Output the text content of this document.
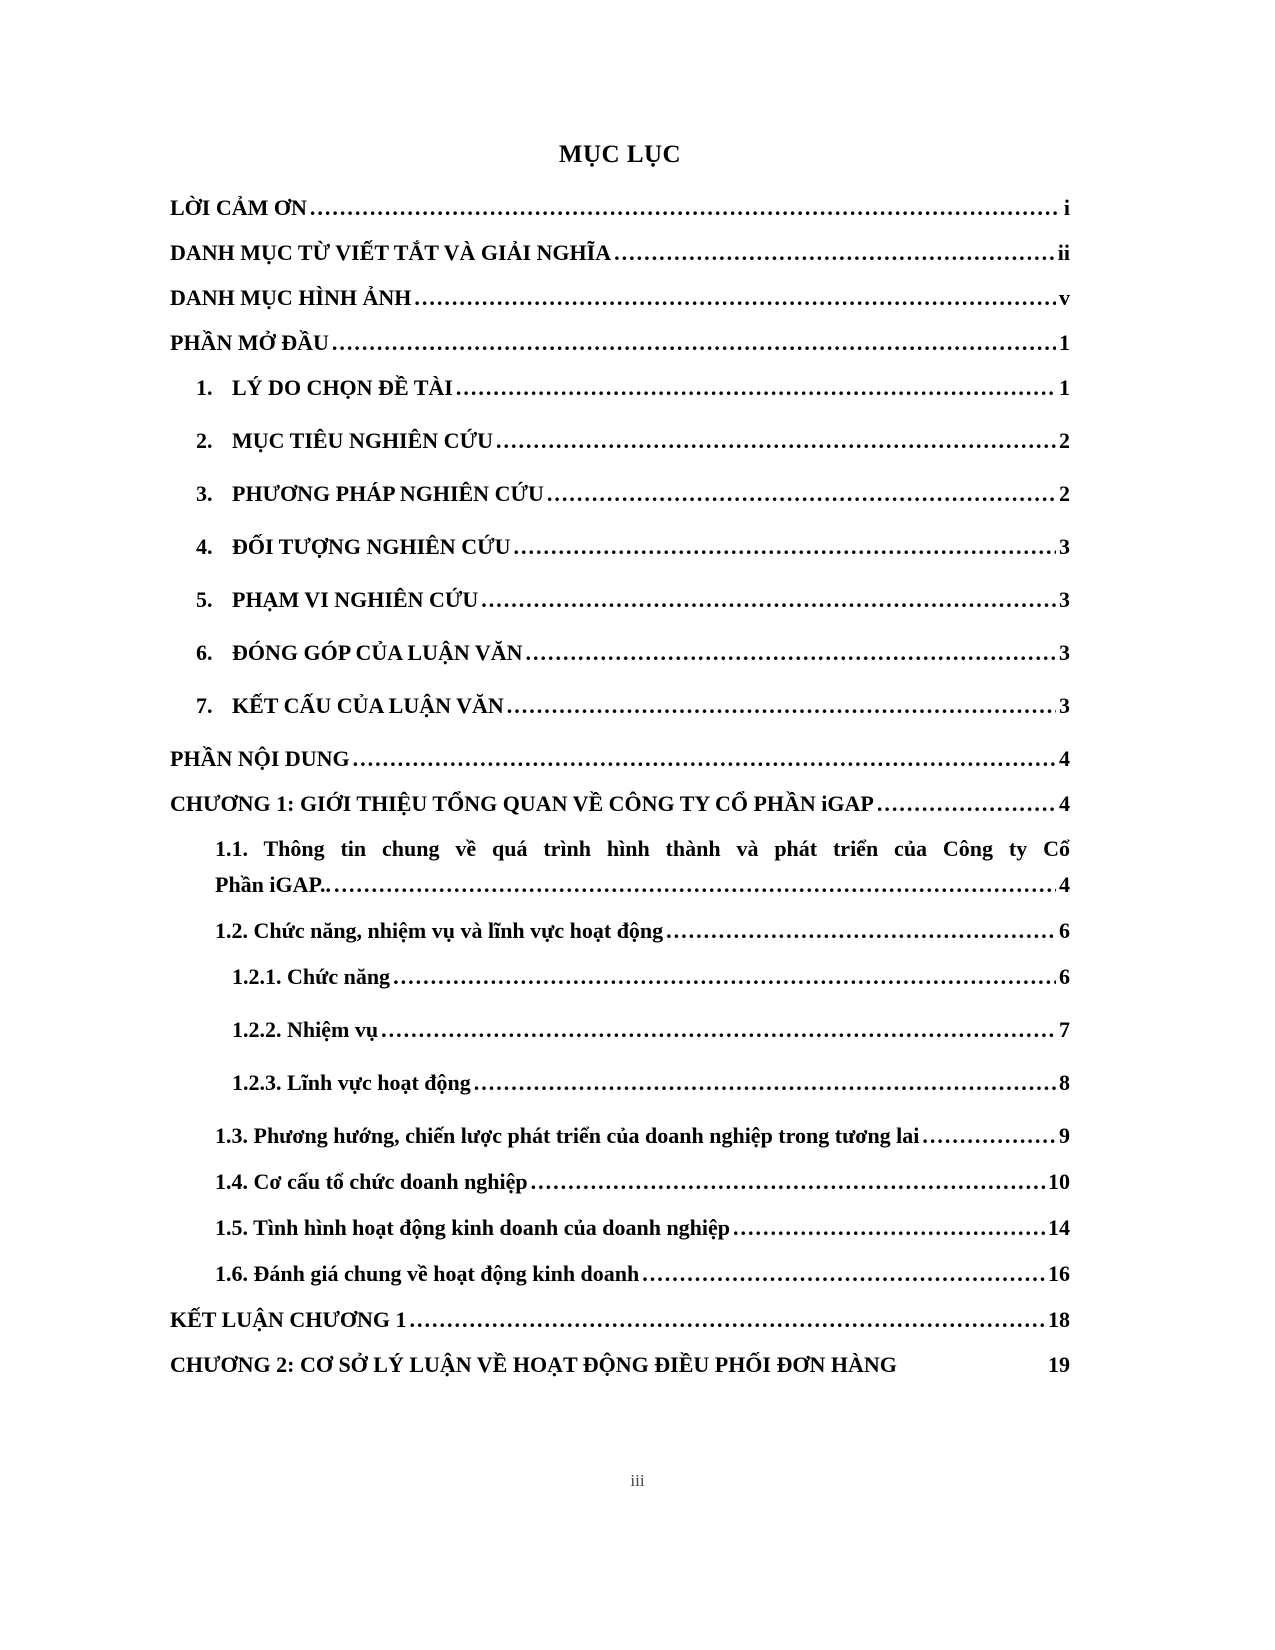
MỤC LỤC
LỜI CẢM ƠN .....	i
DANH MỤC TỪ VIẾT TẮT VÀ GIẢI NGHĨA .....	ii
DANH MỤC HÌNH ẢNH .....	v
PHẦN MỞ ĐẦU .....	1
1. LÝ DO CHỌN ĐỀ TÀI .....	1
2. MỤC TIÊU NGHIÊN CỨU .....	2
3. PHƯƠNG PHÁP NGHIÊN CỨU .....	2
4. ĐỐI TƯỢNG NGHIÊN CỨU .....	3
5. PHẠM VI NGHIÊN CỨU .....	3
6. ĐÓNG GÓP CỦA LUẬN VĂN .....	3
7. KẾT CẤU CỦA LUẬN VĂN .....	3
PHẦN NỘI DUNG .....	4
CHƯƠNG 1: GIỚI THIỆU TỔNG QUAN VỀ CÔNG TY CỔ PHẦN iGAP .....	4
1.1. Thông tin chung về quá trình hình thành và phát triển của Công ty Cổ
Phần iGAP.. .....	4
1.2. Chức năng, nhiệm vụ và lĩnh vực hoạt động .....	6
1.2.1. Chức năng .....	6
1.2.2. Nhiệm vụ .....	7
1.2.3. Lĩnh vực hoạt động .....	8
1.3. Phương hướng, chiến lược phát triển của doanh nghiệp trong tương lai .....	9
1.4. Cơ cấu tổ chức doanh nghiệp .....	10
1.5. Tình hình hoạt động kinh doanh của doanh nghiệp .....	14
1.6. Đánh giá chung về hoạt động kinh doanh .....	16
KẾT LUẬN CHƯƠNG 1 .....	18
CHƯƠNG 2: CƠ SỞ LÝ LUẬN VỀ HOẠT ĐỘNG ĐIỀU PHỐI ĐƠN HÀNG	19
iii
